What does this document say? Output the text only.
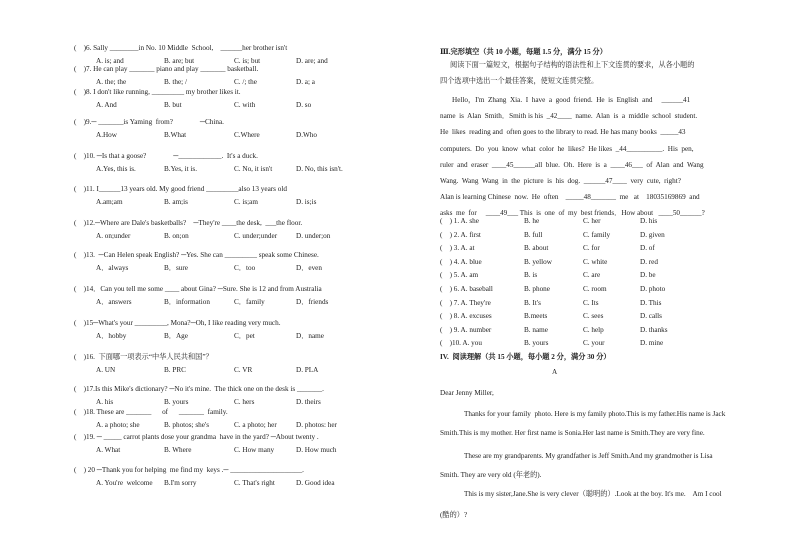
(    )6. Sally ________in No. 10 Middle  School,    ______her brother isn't
A. is; and	B. are; but	C. is; but	D. are; and
(    )7. He can play _______ piano and play _______ basketball.
A. the; the	B. the; /	C. /; the	D. a; a
(    )8. I don't like running, _________ my brother likes it.
A. And	B. but	C. with	D. so
(    )9.─ _______is Yaming  from?               ─China.
A.How	B.What	C.Where	D.Who
(    )10. ─Is that a goose?               ─____________.  It's a duck.
A.Yes, this is.	B.Yes, it is.	C. No, it isn't	D. No, this isn't.
(    )11. I______13 years old. My good friend _________also 13 years old
A.am;am	B. am;is	C. is;am	D. is;is
(    )12.─Where are Dale's basketballs?    ─They're ____the desk,  ___the floor.
A. on;under	B. on;on	C. under;under	D. under;on
(    )13.  ─Can Helen speak English? ─Yes. She can _________ speak some Chinese.
A．always	B．sure	C．too	D．even
(    )14．Can you tell me some ____ about Gina? ─Sure. She is 12 and from Australia
A．answers	B．information	C．family	D．friends
(    )15─What's your _________, Mona?─Oh, I like reading very much.
A．hobby	B．Age	C．pet	D．name
(    )16.  下面哪一项表示“中华人民共和国”？
A. UN	B. PRC	C. VR	D. PLA
(    )17.Is this Mike's dictionary? ─No it's mine.  The thick one on the desk is _______.
A. his	B. yours	C. hers	D. theirs
(    )18. These are _______      of      _______  family.
A. a photo; she	B. photos; she's	C. a photo; her	D. photos: her
(    )19. ─ _____ carrot plants dose your grandma  have in the yard? ─About twenty .
A. What	B. Where	C. How many	D. How much
(    ) 20 ─Thank you for helping  me find my  keys .─ ____________________.
A. You're  welcome B.I'm sorry	C. That's right	D. Good idea
Ⅲ.完形填空（共 10 小题，每题 1.5 分，满分 15 分）
阅读下面一篇短文，根据句子结构的语法性和上下文连贯的要求，从各小题的
四个选项中选出一个最佳答案，使短文连贯完整。
Hello，I'm  Zhang  Xia.  I  have  a  good  friend.  He  is  English  and     ______41
name  is  Alan  Smith．Smith is his  _42____  name.  Alan  is  a  middle  school  student.
He  likes  reading and  often goes to the library to read. He has many books  _____43
computers.  Do  you  know  what  color  he  likes?  He likes  _44__________.  His  pen,
ruler  and  eraser  ____45______all  blue.  Oh.  Here  is  a  ____46___  of  Alan  and  Wang
Wang.  Wang  Wang  in  the  picture  is  his  dog.  ______47____  very  cute,  right?
Alan is learning Chinese  now.  He  often    _____48_______  me   at    18035169869  and
asks  me  for     ____49___ This  is  one  of  my  best friends．How about   ____50______?
(    ) 1. A. she	B. he	C. her	D. his
(    ) 2. A. first	B. full	C. family	D. given
(    ) 3. A. at	B. about	C. for	D. of
(    ) 4. A. blue	B. yellow	C. white	D. red
(    ) 5. A. am	B. is	C. are	D. be
(    ) 6. A. baseball	B. phone	C. room	D. photo
(    ) 7. A. They're	B. It's	C. Its	D. This
(    ) 8. A. excuses	B.meets	C. sees	D. calls
(    ) 9. A. number	B. name	C. help	D. thanks
(    )10. A. you	B. yours	C. your	D. mine
IV.  阅读理解（共 15 小题，每小题 2 分，满分 30 分）
A
Dear Jenny Miller,
Thanks for your family  photo. Here is my family photo.This is my father.His name is Jack
Smith.This is my mother. Her first name is Sonia.Her last name is Smith.They are very fine.
These are my grandparents. My grandfather is Jeff Smith.And my grandmother is Lisa
Smith. They are very old (年老的).
This is my sister,Jane.She is very clever（聪明的）.Look at the boy. It's me.    Am I cool
(酷的）?
